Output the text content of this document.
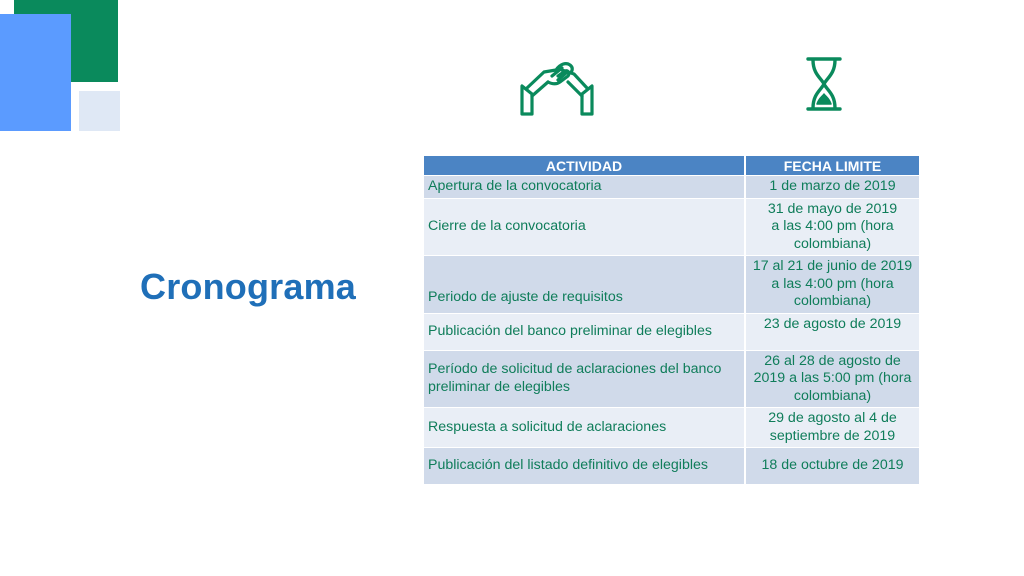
Cronograma
ACTIVIDAD	FECHA LIMITE
Apertura de la convocatoria	1 de marzo de 2019
Cierre de la convocatoria	31 de mayo de 2019
a las 4:00 pm (hora colombiana)
Periodo de ajuste de requisitos	17 al 21 de junio de 2019 a las 4:00 pm (hora colombiana)
Publicación del banco preliminar de elegibles	23 de agosto de 2019
Período de solicitud de aclaraciones del banco preliminar de elegibles	26 al 28 de agosto de 2019 a las 5:00 pm (hora colombiana)
Respuesta a solicitud de aclaraciones	29 de agosto al 4 de septiembre de 2019
Publicación del listado definitivo de elegibles	18 de octubre de 2019
